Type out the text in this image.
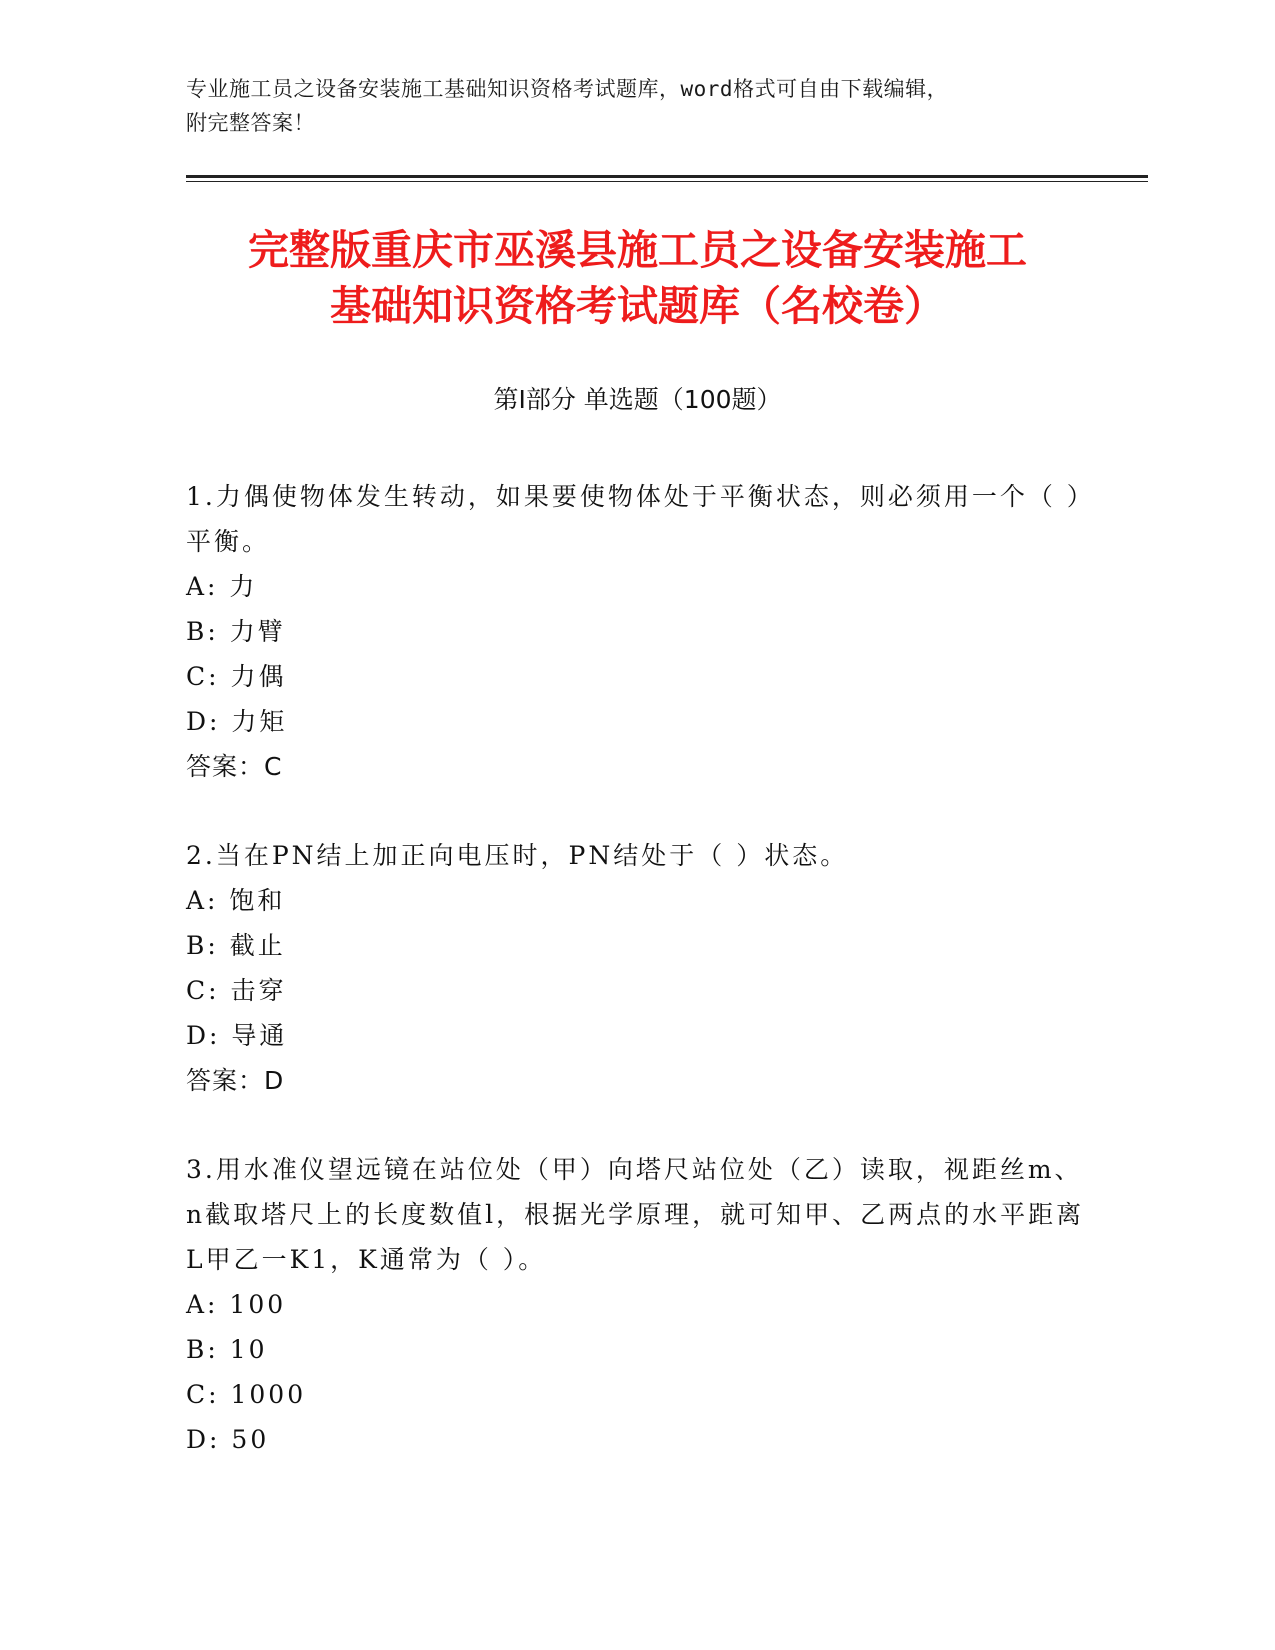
专业施工员之设备安装施工基础知识资格考试题库，word格式可自由下载编辑，
附完整答案！
完整版重庆市巫溪县施工员之设备安装施工
基础知识资格考试题库（名校卷）
第Ⅰ部分 单选题（100题）

1.力偶使物体发生转动，如果要使物体处于平衡状态，则必须用一个（ ）平衡。

A: 力

B: 力臂

C: 力偶

D: 力矩

答案：C

2.当在PN结上加正向电压时，PN结处于（ ）状态。

A: 饱和

B: 截止

C: 击穿

D: 导通

答案：D

3.用水准仪望远镜在站位处（甲）向塔尺站位处（乙）读取，视距丝m、n截取塔尺上的长度数值l，根据光学原理，就可知甲、乙两点的水平距离L甲乙一K1，K通常为（ ）。

A: 100

B: 10

C: 1000

D: 50
